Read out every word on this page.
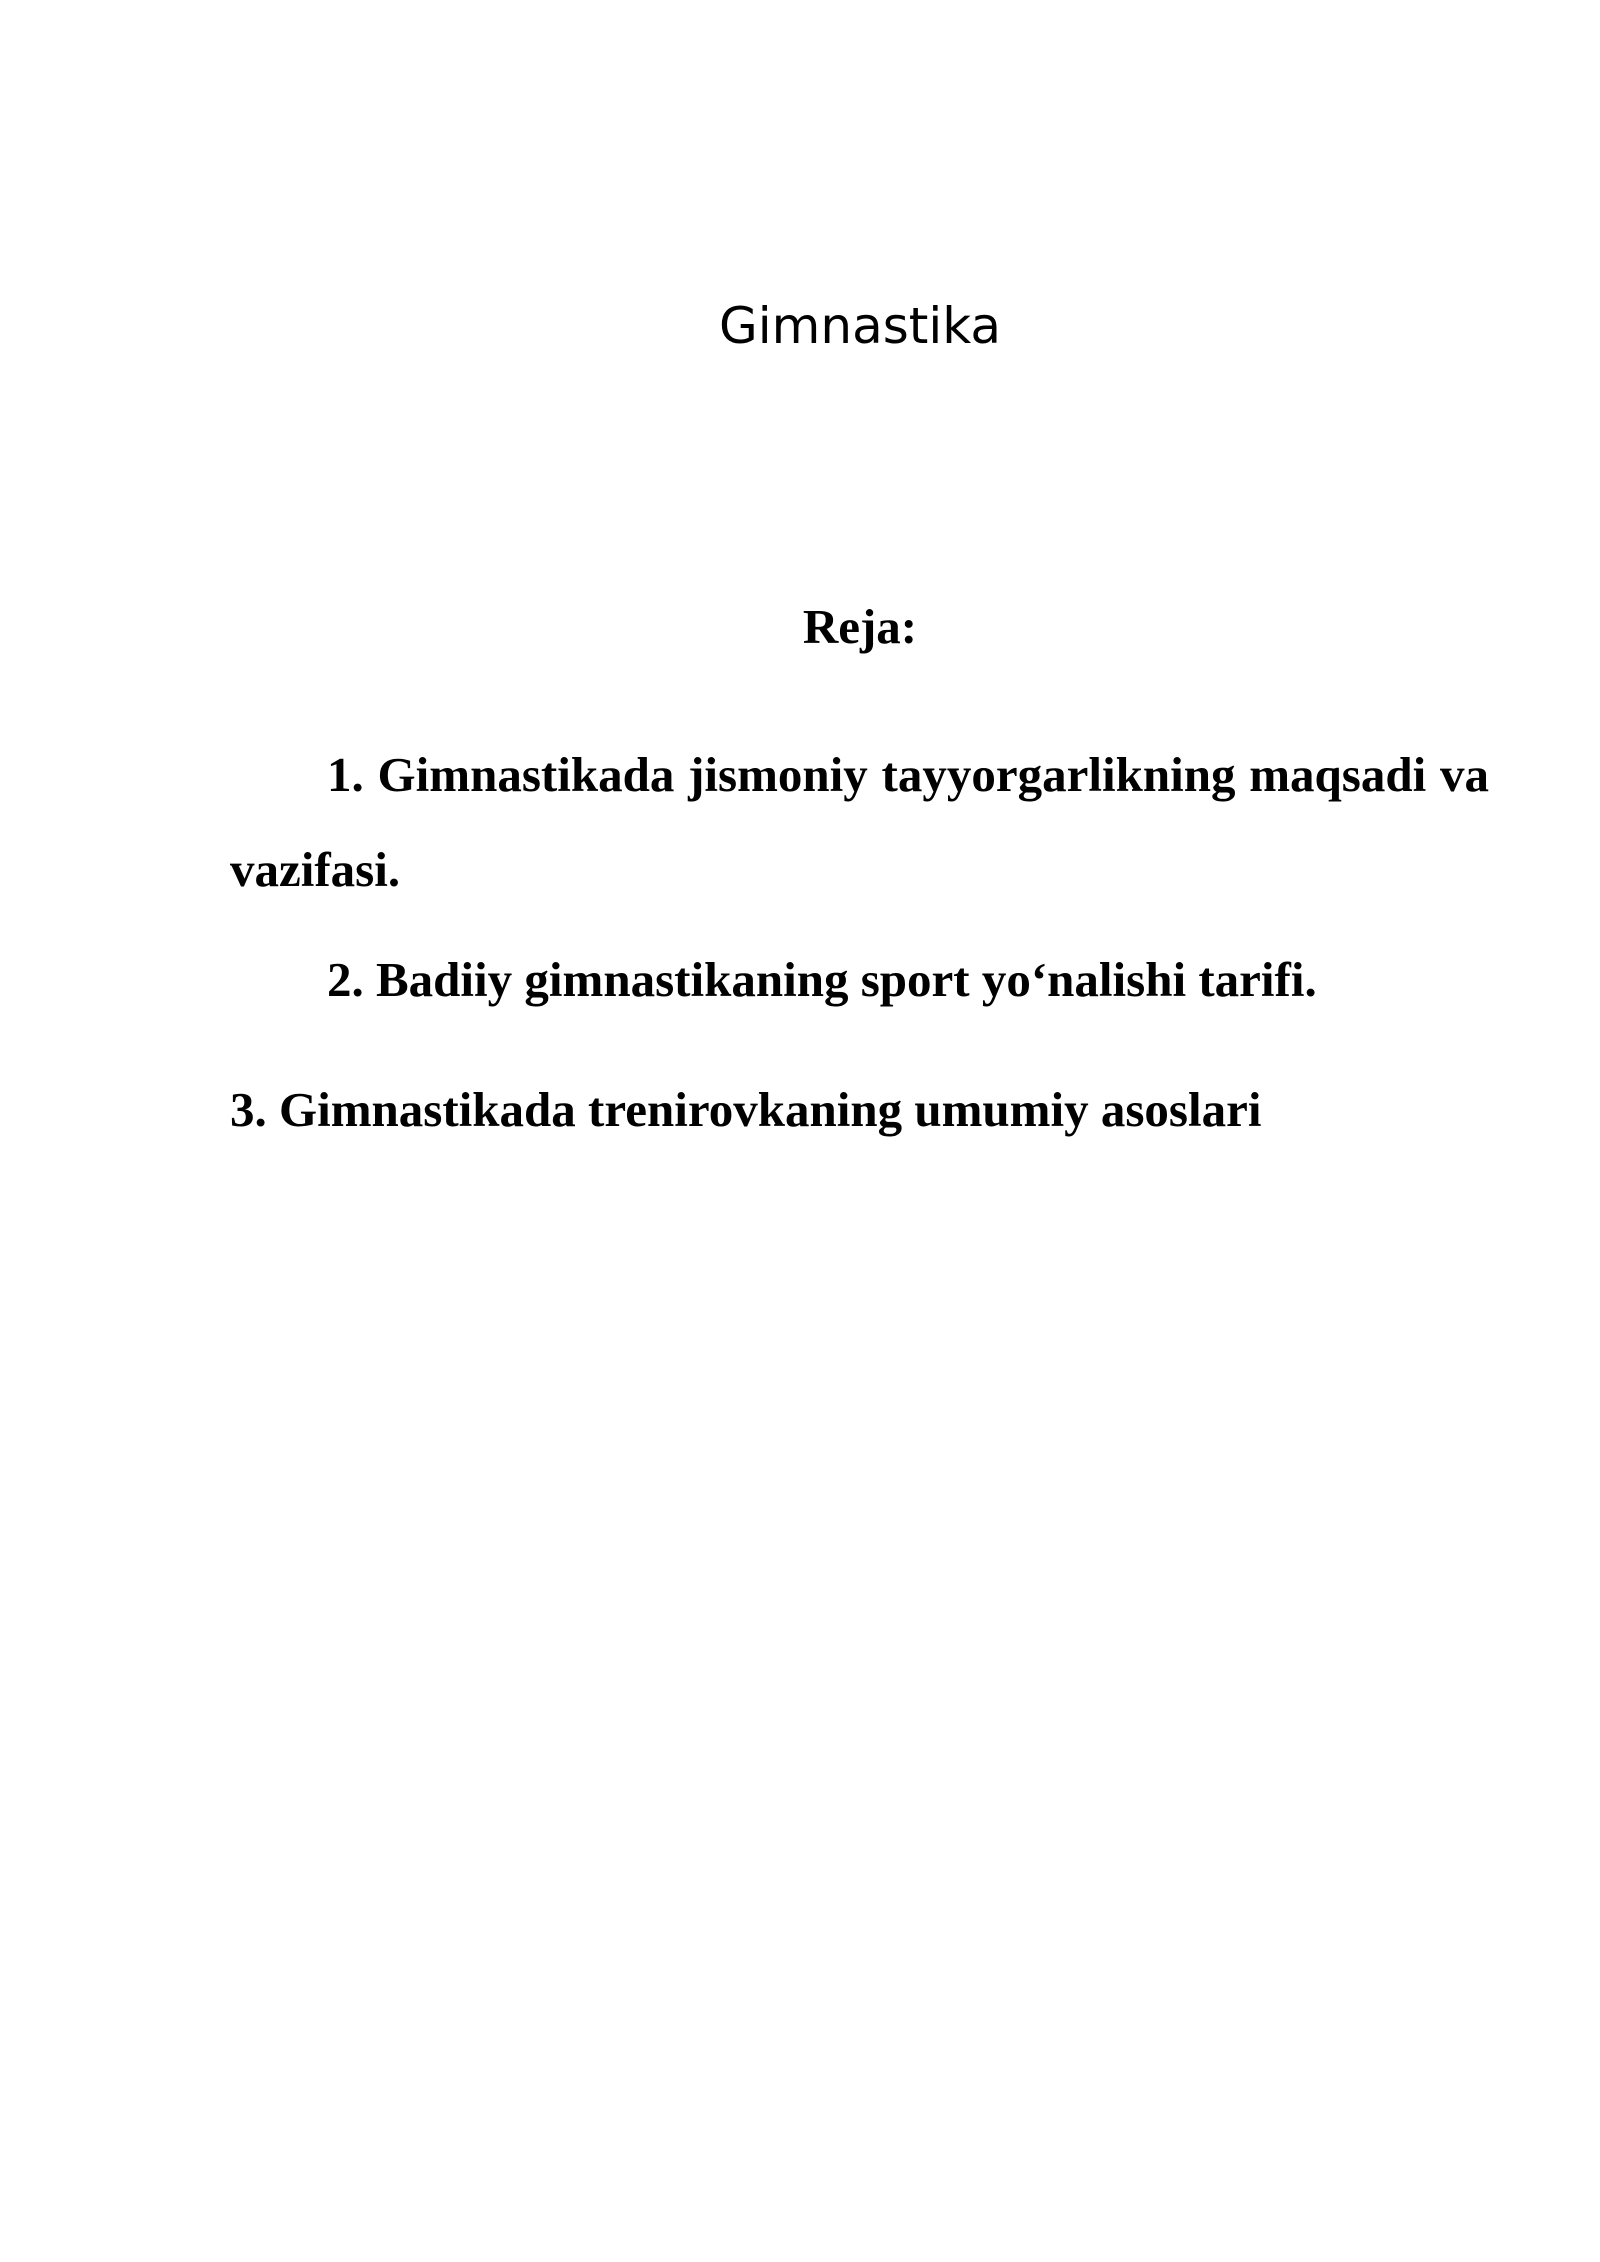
Gimnastika
Reja:
1. Gimnastikada jismoniy tayyorgarlikning maqsadi va vazifasi.
2. Badiiy gimnastikaning sport yo‘nalishi tarifi.
3. Gimnastikada trenirovkaning umumiy asoslari
